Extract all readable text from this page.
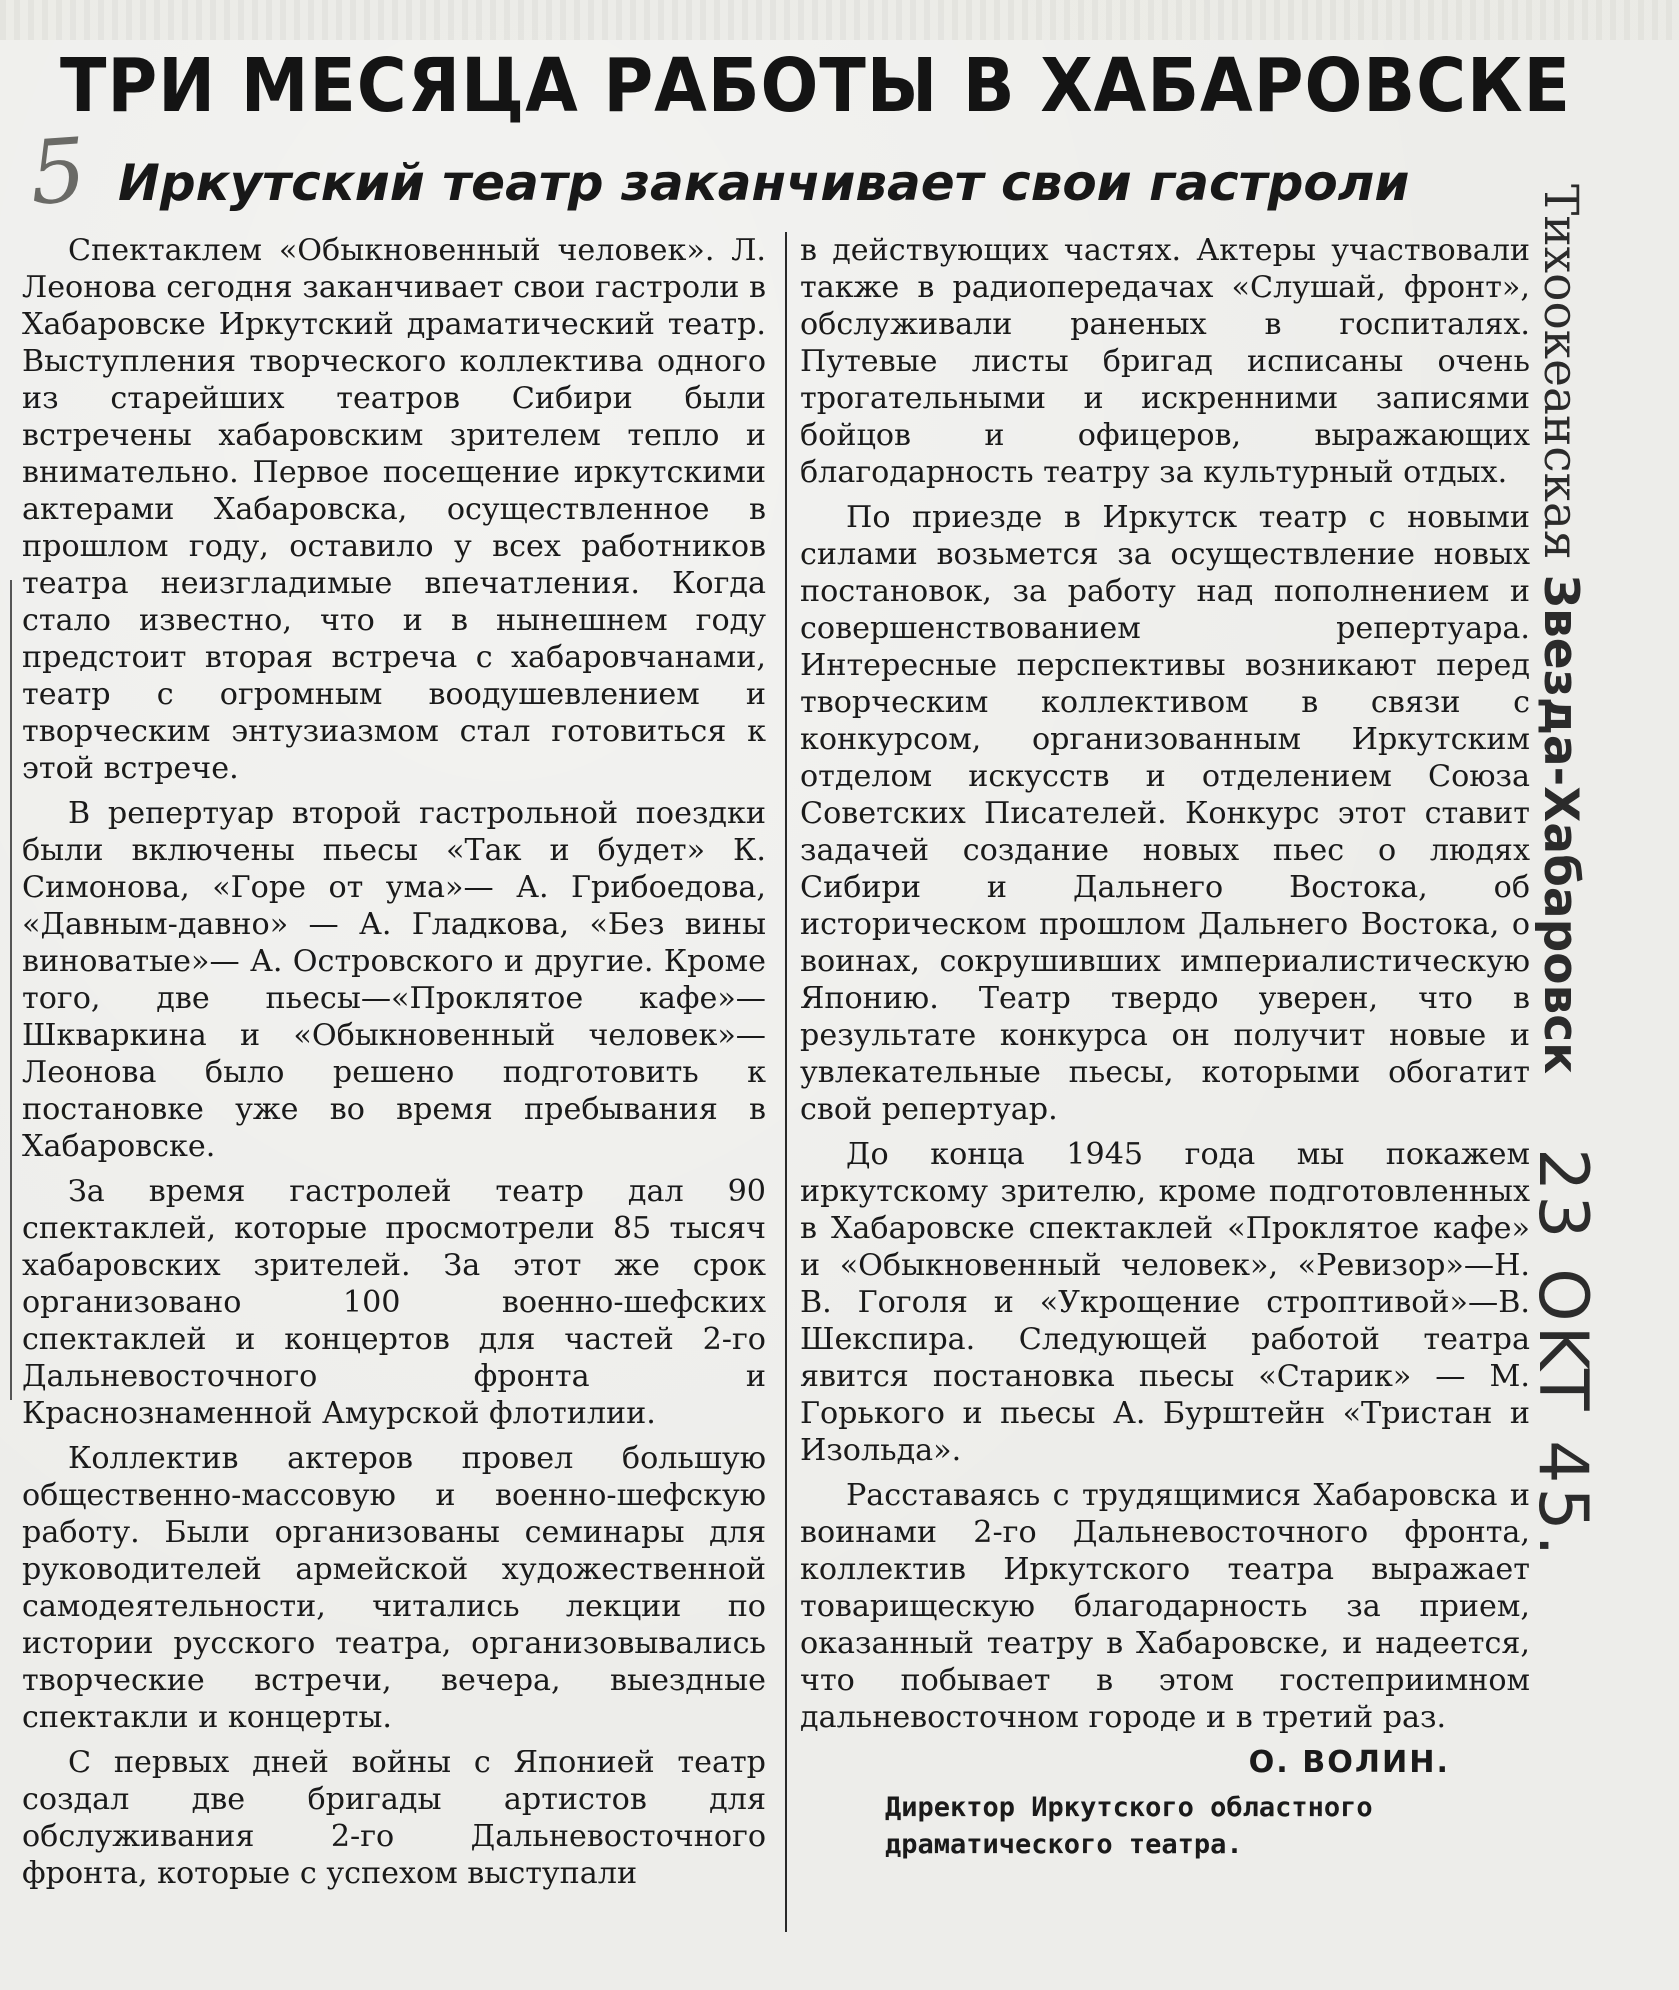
5
ТРИ МЕСЯЦА РАБОТЫ В ХАБАРОВСКЕ
Иркутский театр заканчивает свои гастроли

Спектаклем «Обыкновенный человек». Л. Леонова сегодня заканчивает свои гастроли в Хабаровске Иркутский драматический театр. Выступления творческого коллектива одного из старейших театров Сибири были встречены хабаровским зрителем тепло и внимательно. Первое посещение иркутскими актерами Хабаровска, осуществленное в прошлом году, оставило у всех работников театра неизгладимые впечатления. Когда стало известно, что и в нынешнем году предстоит вторая встреча с хабаровчанами, театр с огромным воодушевлением и творческим энтузиазмом стал готовиться к этой встрече.

В репертуар второй гастрольной поездки были включены пьесы «Так и будет» К. Симонова, «Горе от ума»— А. Грибоедова, «Давным-давно» — А. Гладкова, «Без вины виноватые»— А. Островского и другие. Кроме того, две пьесы—«Проклятое кафе»—Шкваркина и «Обыкновенный человек»—Леонова было решено подготовить к постановке уже во время пребывания в Хабаровске.

За время гастролей театр дал 90 спектаклей, которые просмотрели 85 тысяч хабаровских зрителей. За этот же срок организовано 100 военно-шефских спектаклей и концертов для частей 2-го Дальневосточного фронта и Краснознаменной Амурской флотилии.

Коллектив актеров провел большую общественно-массовую и военно-шефскую работу. Были организованы семинары для руководителей армейской художественной самодеятельности, читались лекции по истории русского театра, организовывались творческие встречи, вечера, выездные спектакли и концерты.

С первых дней войны с Японией театр создал две бригады артистов для обслуживания 2-го Дальневосточного фронта, которые с успехом выступали

в действующих частях. Актеры участвовали также в радиопередачах «Слушай, фронт», обслуживали раненых в госпиталях. Путевые листы бригад исписаны очень трогательными и искренними записями бойцов и офицеров, выражающих благодарность театру за культурный отдых.

По приезде в Иркутск театр с новыми силами возьмется за осуществление новых постановок, за работу над пополнением и совершенствованием репертуара. Интересные перспективы возникают перед творческим коллективом в связи с конкурсом, организованным Иркутским отделом искусств и отделением Союза Советских Писателей. Конкурс этот ставит задачей создание новых пьес о людях Сибири и Дальнего Востока, об историческом прошлом Дальнего Востока, о воинах, сокрушивших империалистическую Японию. Театр твердо уверен, что в результате конкурса он получит новые и увлекательные пьесы, которыми обогатит свой репертуар.

До конца 1945 года мы покажем иркутскому зрителю, кроме подготовленных в Хабаровске спектаклей «Проклятое кафе» и «Обыкновенный человек», «Ревизор»—Н. В. Гоголя и «Укрощение строптивой»—В. Шекспира. Следующей работой театра явится постановка пьесы «Старик» — М. Горького и пьесы А. Бурштейн «Тристан и Изольда».

Расставаясь с трудящимися Хабаровска и воинами 2-го Дальневосточного фронта, коллектив Иркутского театра выражает товарищескую благодарность за прием, оказанный театру в Хабаровске, и надеется, что побывает в этом гостеприимном дальневосточном городе и в третий раз.

О. ВОЛИН.

Директор Иркутского областного драматического театра.

Тихоокеанская Звезда-Хабаровск
23 OKT 45.
